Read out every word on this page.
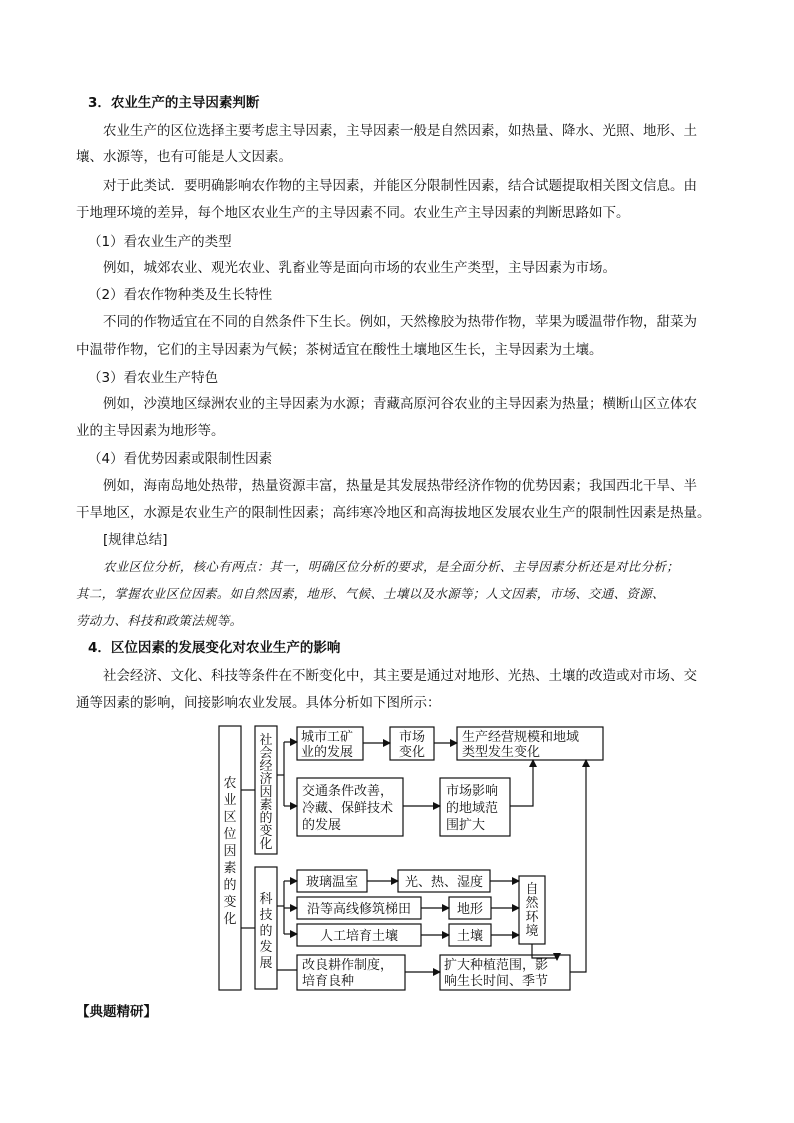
3．农业生产的主导因素判断
农业生产的区位选择主要考虑主导因素，主导因素一般是自然因素，如热量、降水、光照、地形、土
壤、水源等，也有可能是人文因素。
对于此类试．要明确影响农作物的主导因素，并能区分限制性因素，结合试题提取相关图文信息。由
于地理环境的差异，每个地区农业生产的主导因素不同。农业生产主导因素的判断思路如下。
（1）看农业生产的类型
例如，城郊农业、观光农业、乳畜业等是面向市场的农业生产类型，主导因素为市场。
（2）看农作物种类及生长特性
不同的作物适宜在不同的自然条件下生长。例如，天然橡胶为热带作物，苹果为暖温带作物，甜菜为
中温带作物，它们的主导因素为气候；茶树适宜在酸性土壤地区生长，主导因素为土壤。
（3）看农业生产特色
例如，沙漠地区绿洲农业的主导因素为水源；青藏高原河谷农业的主导因素为热量；横断山区立体农
业的主导因素为地形等。
（4）看优势因素或限制性因素
例如，海南岛地处热带，热量资源丰富，热量是其发展热带经济作物的优势因素；我国西北干旱、半
干旱地区，水源是农业生产的限制性因素；高纬寒冷地区和高海拔地区发展农业生产的限制性因素是热量。
[规律总结]
农业区位分析，核心有两点：其一，明确区位分析的要求，是全面分析、主导因素分析还是对比分析；
其二，掌握农业区位因素。如自然因素，地形、气候、土壤以及水源等；人文因素，市场、交通、资源、
劳动力、科技和政策法规等。
4．区位因素的发展变化对农业生产的影响
社会经济、文化、科技等条件在不断变化中，其主要是通过对地形、光热、土壤的改造或对市场、交
通等因素的影响，间接影响农业发展。具体分析如下图所示：
农
业
区
位
因
素
的
变
化
社
会
经
济
因
素
的
变
化
科
技
的
发
展
自
然
环
境
城市工矿
业的发展
市场
变化
生产经营规模和地域
类型发生变化
交通条件改善，
冷藏、保鲜技术
的发展
市场影响
的地域范
围扩大
玻璃温室	光、热、湿度
沿等高线修筑梯田	地形
人工培育土壤	土壤
改良耕作制度，
培育良种
扩大种植范围，影
响生长时间、季节
【典题精研】
